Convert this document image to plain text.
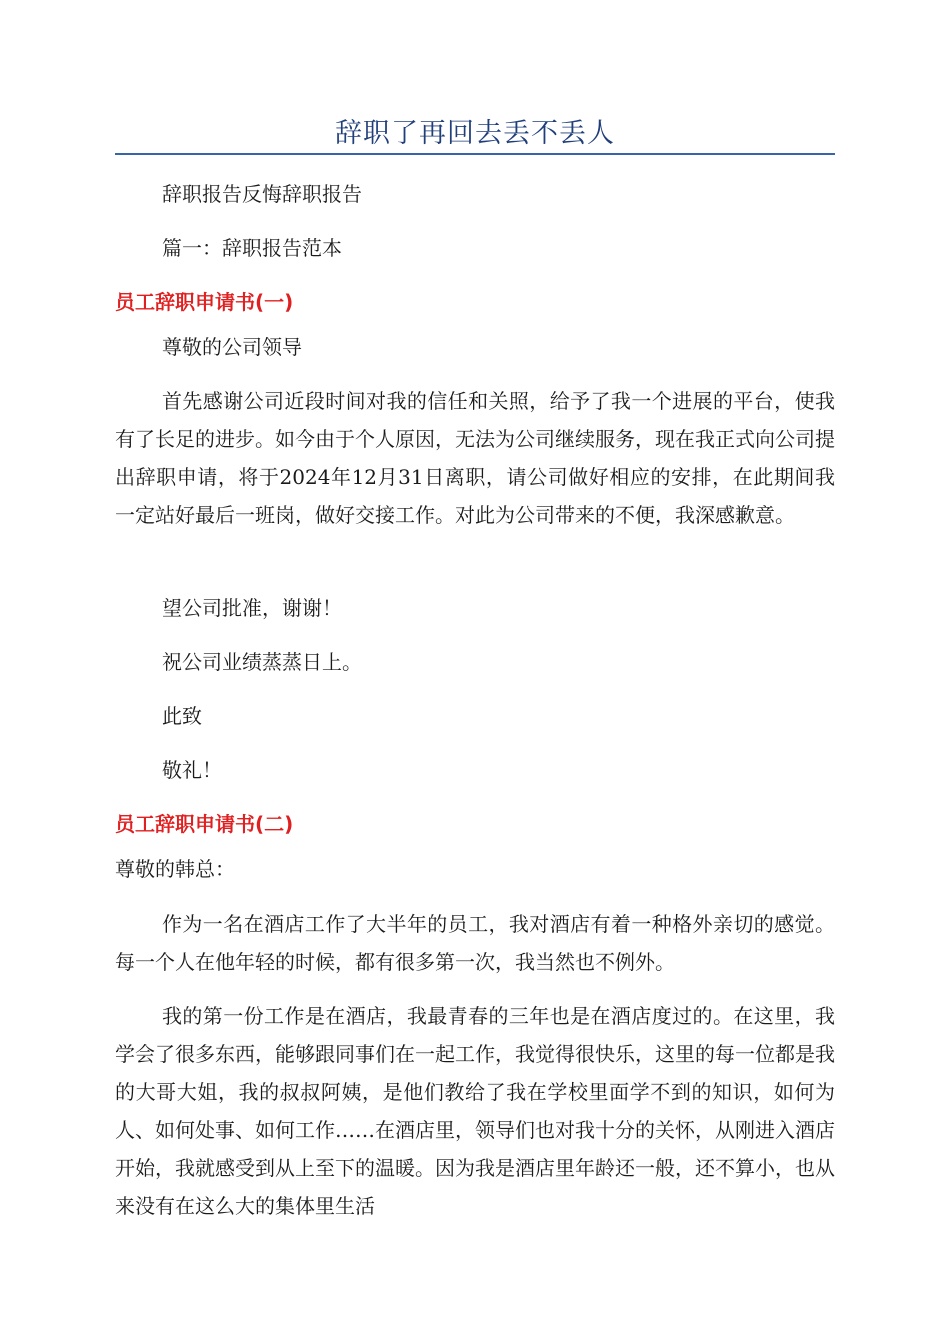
辞职了再回去丢不丢人

辞职报告反悔辞职报告

篇一：辞职报告范本

员工辞职申请书(一)

尊敬的公司领导

首先感谢公司近段时间对我的信任和关照，给予了我一个进展的平台，使我有了长足的进步。如今由于个人原因，无法为公司继续服务，现在我正式向公司提出辞职申请，将于2024年12月31日离职，请公司做好相应的安排，在此期间我一定站好最后一班岗，做好交接工作。对此为公司带来的不便，我深感歉意。

望公司批准，谢谢！

祝公司业绩蒸蒸日上。

此致

敬礼！

员工辞职申请书(二)

尊敬的韩总：

作为一名在酒店工作了大半年的员工，我对酒店有着一种格外亲切的感觉。每一个人在他年轻的时候，都有很多第一次，我当然也不例外。

我的第一份工作是在酒店，我最青春的三年也是在酒店度过的。在这里，我学会了很多东西，能够跟同事们在一起工作，我觉得很快乐，这里的每一位都是我的大哥大姐，我的叔叔阿姨，是他们教给了我在学校里面学不到的知识，如何为人、如何处事、如何工作……在酒店里，领导们也对我十分的关怀，从刚进入酒店开始，我就感受到从上至下的温暖。因为我是酒店里年龄还一般，还不算小，也从来没有在这么大的集体里生活
